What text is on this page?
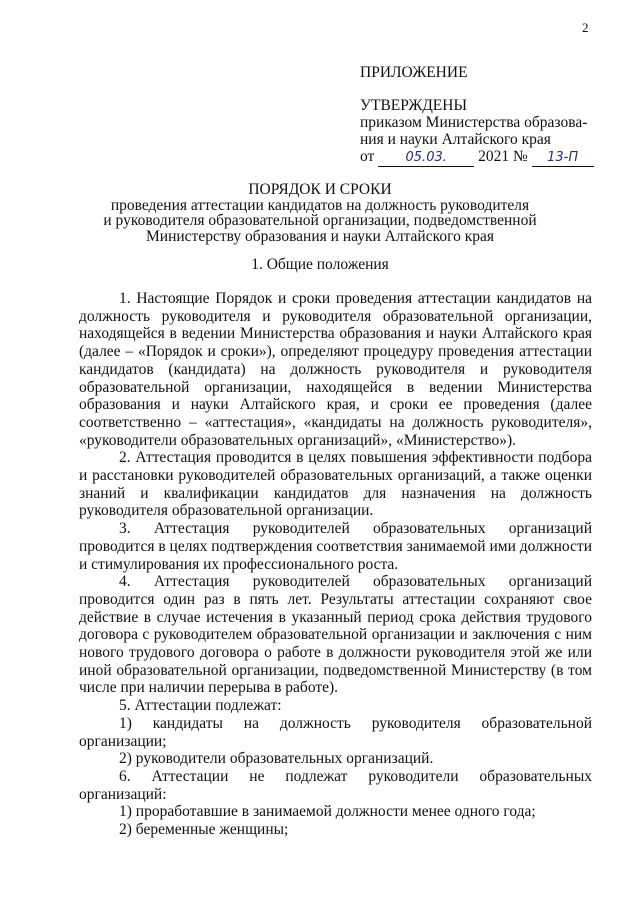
2

ПРИЛОЖЕНИЕ

УТВЕРЖДЕНЫ

приказом Министерства образова-

ния и науки Алтайского края

от 05.03. 2021 № 13-П

ПОРЯДОК И СРОКИ

проведения аттестации кандидатов на должность руководителя

и руководителя образовательной организации, подведомственной

Министерству образования и науки Алтайского края

1. Общие положения

1. Настоящие Порядок и сроки проведения аттестации кандидатов на должность руководителя и руководителя образовательной организации, находящейся в ведении Министерства образования и науки Алтайского края (далее – «Порядок и сроки»), определяют процедуру проведения аттестации кандидатов (кандидата) на должность руководителя и руководителя образовательной организации, находящейся в ведении Министерства образования и науки Алтайского края, и сроки ее проведения (далее соответственно – «аттестация», «кандидаты на должность руководителя», «руководители образовательных организаций», «Министерство»).

2. Аттестация проводится в целях повышения эффективности подбора и расстановки руководителей образовательных организаций, а также оценки знаний и квалификации кандидатов для назначения на должность руководителя образовательной организации.

3. Аттестация руководителей образовательных организаций проводится в целях подтверждения соответствия занимаемой ими должности и стимулирования их профессионального роста.

4. Аттестация руководителей образовательных организаций проводится один раз в пять лет. Результаты аттестации сохраняют свое действие в случае истечения в указанный период срока действия трудового договора с руководителем образовательной организации и заключения с ним нового трудового договора о работе в должности руководителя этой же или иной образовательной организации, подведомственной Министерству (в том числе при наличии перерыва в работе).

5. Аттестации подлежат:

1) кандидаты на должность руководителя образовательной организации;

2) руководители образовательных организаций.

6. Аттестации не подлежат руководители образовательных организаций:

1) проработавшие в занимаемой должности менее одного года;

2) беременные женщины;
